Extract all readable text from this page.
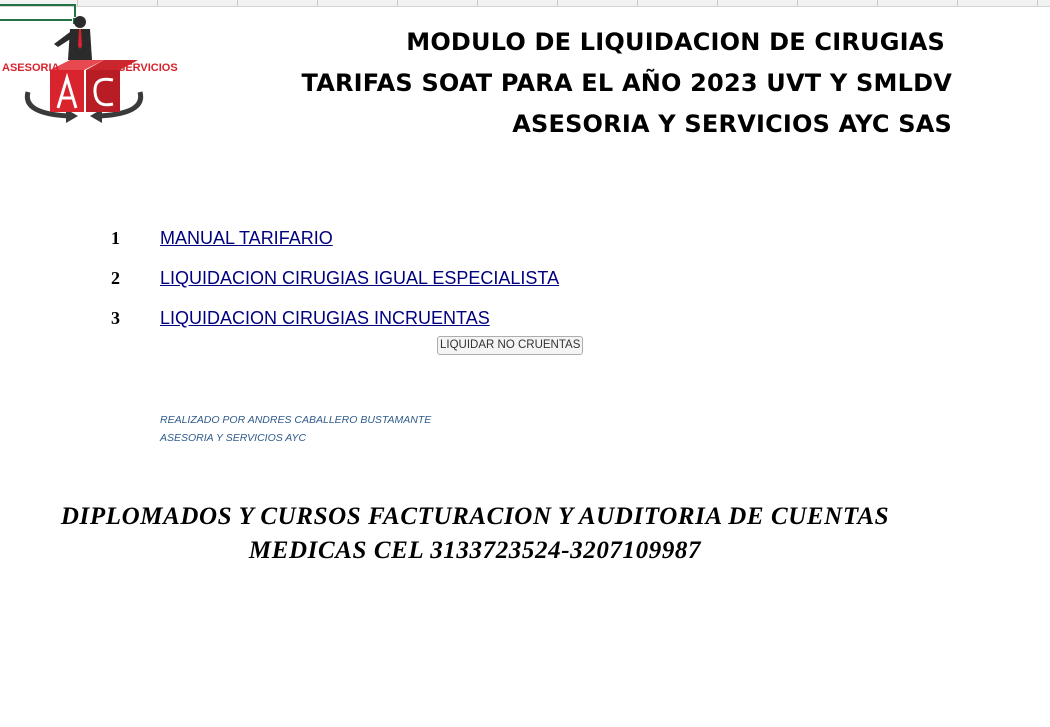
ASESORIA	SERVICIOS
MODULO DE LIQUIDACION DE CIRUGIAS
TARIFAS SOAT PARA EL AÑO 2023 UVT Y SMLDV
ASESORIA Y SERVICIOS AYC SAS
1	MANUAL TARIFARIO
2	LIQUIDACION CIRUGIAS IGUAL ESPECIALISTA
3	LIQUIDACION CIRUGIAS INCRUENTAS
LIQUIDAR NO CRUENTAS
REALIZADO POR ANDRES CABALLERO BUSTAMANTE
ASESORIA Y SERVICIOS AYC
DIPLOMADOS Y CURSOS FACTURACION Y AUDITORIA DE CUENTAS
MEDICAS CEL 3133723524-3207109987
